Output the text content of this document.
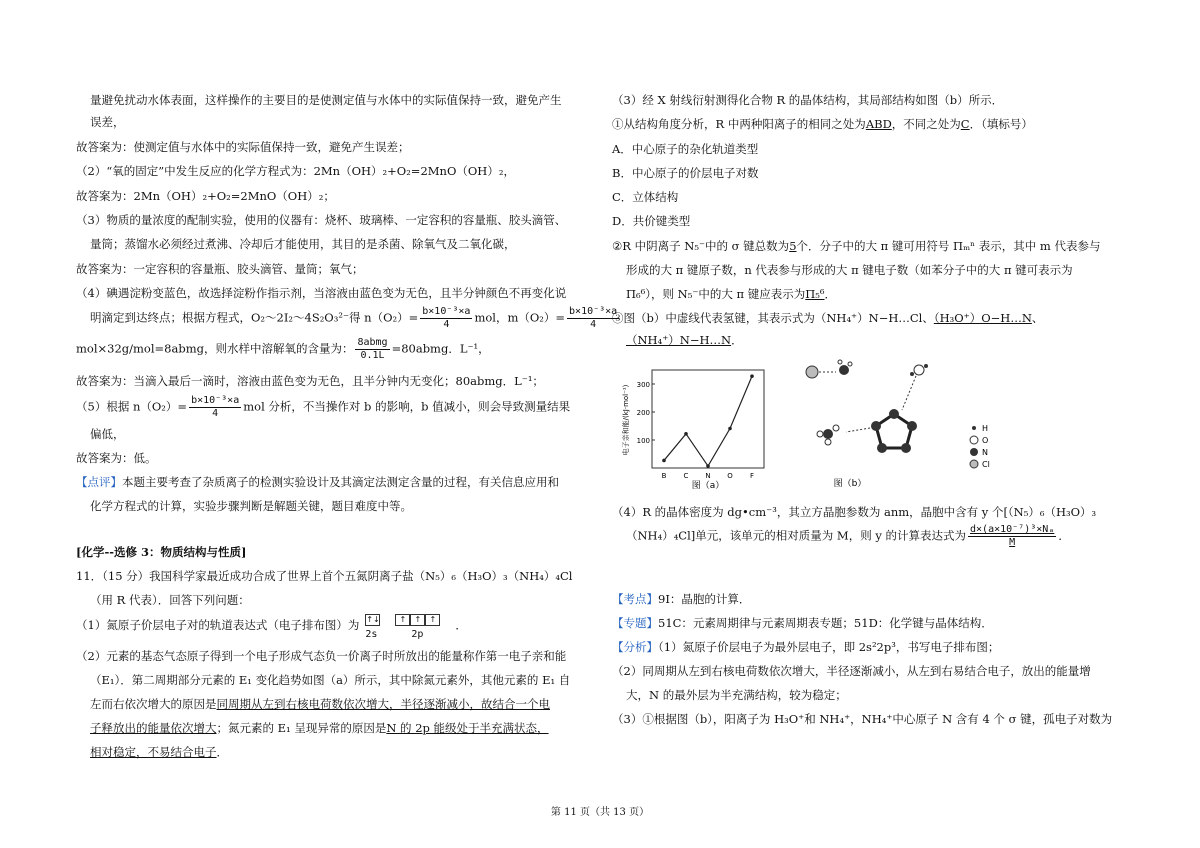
量避免扰动水体表面，这样操作的主要目的是使测定值与水体中的实际值保持一致，避免产生
误差，
故答案为：使测定值与水体中的实际值保持一致，避免产生误差；
（2）“氧的固定”中发生反应的化学方程式为：2Mn（OH）₂+O₂=2MnO（OH）₂，
故答案为：2Mn（OH）₂+O₂=2MnO（OH）₂；
（3）物质的量浓度的配制实验，使用的仪器有：烧杯、玻璃棒、一定容积的容量瓶、胶头滴管、
量筒；蒸馏水必须经过煮沸、冷却后才能使用，其目的是杀菌、除氧气及二氧化碳，
故答案为：一定容积的容量瓶、胶头滴管、量筒；氧气；
（4）碘遇淀粉变蓝色，故选择淀粉作指示剂，当溶液由蓝色变为无色，且半分钟颜色不再变化说
明滴定到达终点；根据方程式，O₂～2I₂～4S₂O₃²⁻得 $n(O_2)= \frac{\text{b×10⁻³×a}}{4}$ mol，$m(O_2)= \frac{\text{b×10⁻³×a}}{4}$
mol×32g/mol=8abmg，则水样中溶解氧的含量为： $\frac{\text{8abmg}}{0.1L}$ =80abmg．L⁻¹，
故答案为：当滴入最后一滴时，溶液由蓝色变为无色，且半分钟内无变化；80abmg．L⁻¹；
（5）根据 $n(O_2)= \frac{\text{b×10⁻³×a}}{4}$ mol 分析，不当操作对 b 的影响，b 值减小，则会导致测量结果
偏低，
故答案为：低。
【点评】本题主要考查了杂质离子的检测实验设计及其滴定法测定含量的过程，有关信息应用和
化学方程式的计算，实验步骤判断是解题关键，题目难度中等。
[化学--选修 3：物质结构与性质]
11．（15 分）我国科学家最近成功合成了世界上首个五氮阴离子盐（N₅）₆（H₃O）₃（NH₄）₄Cl
（用 R 代表）．回答下列问题：
（1）氮原子价层电子对的轨道表达式（电子排布图）为 ↑↓	↑	↑	↑
2s	2p
．
（2）元素的基态气态原子得到一个电子形成气态负一价离子时所放出的能量称作第一电子亲和能
（E₁）．第二周期部分元素的 E₁ 变化趋势如图（a）所示，其中除氮元素外，其他元素的 E₁ 自
左而右依次增大的原因是同周期从左到右核电荷数依次增大，半径逐渐减小，故结合一个电
子释放出的能量依次增大；氮元素的 E₁ 呈现异常的原因是N 的 2p 能级处于半充满状态，
相对稳定，不易结合电子．
（3）经 X 射线衍射测得化合物 R 的晶体结构，其局部结构如图（b）所示．
①从结构角度分析，R 中两种阳离子的相同之处为ABD，不同之处为C．（填标号）
A．中心原子的杂化轨道类型
B．中心原子的价层电子对数
C．立体结构
D．共价键类型
②R 中阴离子 N₅⁻中的 σ 键总数为5个．分子中的大 π 键可用符号 Πₘⁿ 表示，其中 m 代表参与
形成的大 π 键原子数，n 代表参与形成的大 π 键电子数（如苯分子中的大 π 键可表示为
Π₆⁶），则 N₅⁻中的大 π 键应表示为Π₅⁶．
③图（b）中虚线代表氢键，其表示式为（NH₄⁺）N−H…Cl、（H₃O⁺）O−H…N、
（NH₄⁺）N−H…N．
100
200
300
B C N O F
电子亲和能/(kJ·mol⁻¹)
图（a）
H
O
N
Cl
图（b）
（4）R 的晶体密度为 dg•cm⁻³，其立方晶胞参数为 anm，晶胞中含有 y 个[（N₅）₆（H₃O）₃
（NH₄）₄Cl]单元，该单元的相对质量为 M，则 y 的计算表达式为 $\frac{\text{d×(a×10⁻⁷)³×Nₐ}}{M}$ ．
【考点】9I：晶胞的计算．
【专题】51C：元素周期律与元素周期表专题；51D：化学键与晶体结构．
【分析】（1）氮原子价层电子为最外层电子，即 2s²2p³，书写电子排布图；
（2）同周期从左到右核电荷数依次增大，半径逐渐减小，从左到右易结合电子，放出的能量增
大，N 的最外层为半充满结构，较为稳定；
（3）①根据图（b），阳离子为 H₃O⁺和 NH₄⁺，NH₄⁺中心原子 N 含有 4 个 σ 键，孤电子对数为
第 11 页（共 13 页）
